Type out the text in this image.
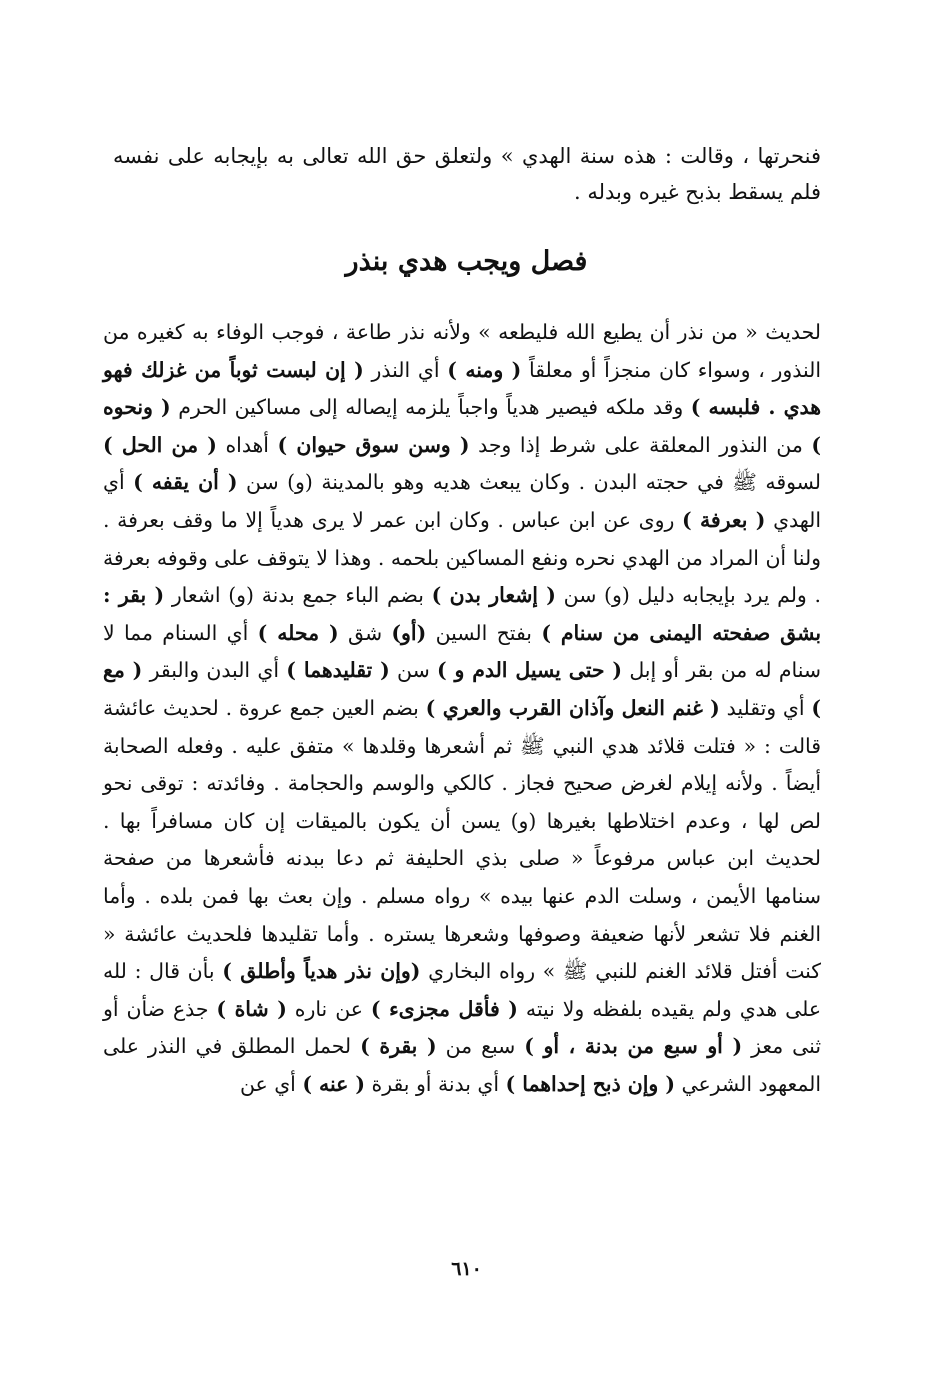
فنحرتها ، وقالت : هذه سنة الهدي » ولتعلق حق الله تعالى به بإيجابه على نفسه فلم يسقط بذبح غيره وبدله .

فصل ويجب هدي بنذر

لحديث « من نذر أن يطيع الله فليطعه » ولأنه نذر طاعة ، فوجب الوفاء به كغيره من النذور ، وسواء كان منجزاً أو معلقاً ( ومنه ) أي النذر ( إن لبست ثوباً من غزلك فهو هدي . فلبسه ) وقد ملكه فيصير هدياً واجباً يلزمه إيصاله إلى مساكين الحرم ( ونحوه ) من النذور المعلقة على شرط إذا وجد ( وسن سوق حيوان ) أهداه ( من الحل ) لسوقه ﷺ في حجته البدن . وكان يبعث هديه وهو بالمدينة (و) سن ( أن يقفه ) أي الهدي ( بعرفة ) روى عن ابن عباس . وكان ابن عمر لا يرى هدياً إلا ما وقف بعرفة . ولنا أن المراد من الهدي نحره ونفع المساكين بلحمه . وهذا لا يتوقف على وقوفه بعرفة . ولم يرد بإيجابه دليل (و) سن ( إشعار بدن ) بضم الباء جمع بدنة (و) اشعار ( بقر : بشق صفحته اليمنى من سنام ) بفتح السين (أو) شق ( محله ) أي السنام مما لا سنام له من بقر أو إبل ( حتى يسيل الدم و ) سن ( تقليدهما ) أي البدن والبقر ( مع ) أي وتقليد ( غنم النعل وآذان القرب والعري ) بضم العين جمع عروة . لحديث عائشة قالت : « فتلت قلائد هدي النبي ﷺ ثم أشعرها وقلدها » متفق عليه . وفعله الصحابة أيضاً . ولأنه إيلام لغرض صحيح فجاز . كالكي والوسم والحجامة . وفائدته : توقى نحو لص لها ، وعدم اختلاطها بغيرها (و) يسن أن يكون بالميقات إن كان مسافراً بها . لحديث ابن عباس مرفوعاً « صلى بذي الحليفة ثم دعا ببدنه فأشعرها من صفحة سنامها الأيمن ، وسلت الدم عنها بيده » رواه مسلم . وإن بعث بها فمن بلده . وأما الغنم فلا تشعر لأنها ضعيفة وصوفها وشعرها يستره . وأما تقليدها فلحديث عائشة « كنت أفتل قلائد الغنم للنبي ﷺ » رواه البخاري (وإن نذر هدياً وأطلق ) بأن قال : لله على هدي ولم يقيده بلفظه ولا نيته ( فأقل مجزىء ) عن ناره ( شاة ) جذع ضأن أو ثنى معز ( أو سبع من بدنة ، أو ) سبع من ( بقرة ) لحمل المطلق في النذر على المعهود الشرعي ( وإن ذبح إحداهما ) أي بدنة أو بقرة ( عنه ) أي عن

٦١٠
